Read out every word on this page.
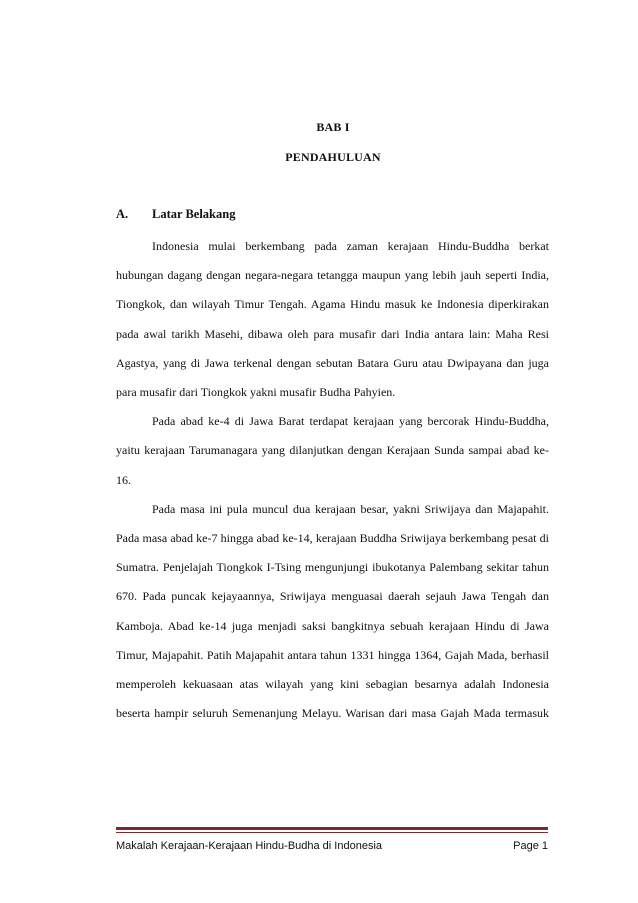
BAB I
PENDAHULUAN
A. Latar Belakang

Indonesia mulai berkembang pada zaman kerajaan Hindu-Buddha berkat hubungan dagang dengan negara-negara tetangga maupun yang lebih jauh seperti India, Tiongkok, dan wilayah Timur Tengah. Agama Hindu masuk ke Indonesia diperkirakan pada awal tarikh Masehi, dibawa oleh para musafir dari India antara lain: Maha Resi Agastya, yang di Jawa terkenal dengan sebutan Batara Guru atau Dwipayana dan juga para musafir dari Tiongkok yakni musafir Budha Pahyien.

Pada abad ke-4 di Jawa Barat terdapat kerajaan yang bercorak Hindu-Buddha, yaitu kerajaan Tarumanagara yang dilanjutkan dengan Kerajaan Sunda sampai abad ke-16.

Pada masa ini pula muncul dua kerajaan besar, yakni Sriwijaya dan Majapahit. Pada masa abad ke-7 hingga abad ke-14, kerajaan Buddha Sriwijaya berkembang pesat di Sumatra. Penjelajah Tiongkok I-Tsing mengunjungi ibukotanya Palembang sekitar tahun 670. Pada puncak kejayaannya, Sriwijaya menguasai daerah sejauh Jawa Tengah dan Kamboja. Abad ke-14 juga menjadi saksi bangkitnya sebuah kerajaan Hindu di Jawa Timur, Majapahit. Patih Majapahit antara tahun 1331 hingga 1364, Gajah Mada, berhasil memperoleh kekuasaan atas wilayah yang kini sebagian besarnya adalah Indonesia beserta hampir seluruh Semenanjung Melayu. Warisan dari masa Gajah Mada termasuk

Makalah Kerajaan-Kerajaan Hindu-Budha di Indonesia	Page 1
